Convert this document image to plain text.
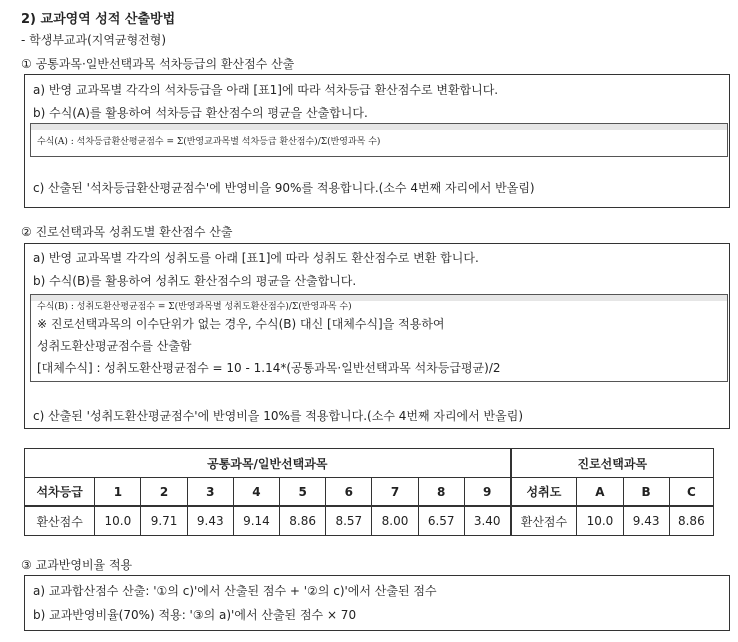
2) 교과영역 성적 산출방법
- 학생부교과(지역균형전형)
① 공통과목·일반선택과목 석차등급의 환산점수 산출
a) 반영 교과목별 각각의 석차등급을 아래 [표1]에 따라 석차등급 환산점수로 변환합니다.
b) 수식(A)를 활용하여 석차등급 환산점수의 평균을 산출합니다.
수식(A) : 석차등급환산평균점수 = Σ(반영교과목별 석차등급 환산점수)/Σ(반영과목 수)
c) 산출된 '석차등급환산평균점수'에 반영비을 90%를 적용합니다.(소수 4번째 자리에서 반올림)
② 진로선택과목 성취도별 환산점수 산출
a) 반영 교과목별 각각의 성취도를 아래 [표1]에 따라 성취도 환산점수로 변환 합니다.
b) 수식(B)를 활용하여 성취도 환산점수의 평균을 산출합니다.
수식(B) : 성취도환산평균점수 = Σ(반영과목별 성취도환산점수)/Σ(반영과목 수)
※ 진로선택과목의 이수단위가 없는 경우, 수식(B) 대신 [대체수식]을 적용하여
성취도환산평균점수를 산출함
[대체수식] : 성취도환산평균점수 = 10 - 1.14*(공통과목·일반선택과목 석차등급평균)/2
c) 산출된 '성취도환산평균점수'에 반영비을 10%를 적용합니다.(소수 4번째 자리에서 반올림)
공통과목/일반선택과목										진로선택과목			
석차등급	1	2	3	4	5	6	7	8	9	성취도	A	B	C
환산점수	10.0	9.71	9.43	9.14	8.86	8.57	8.00	6.57	3.40	환산점수	10.0	9.43	8.86
③ 교과반영비율 적용
a) 교과합산점수 산출: '①의 c)'에서 산출된 점수 + '②의 c)'에서 산출된 점수
b) 교과반영비율(70%) 적용: '③의 a)'에서 산출된 점수 × 70
